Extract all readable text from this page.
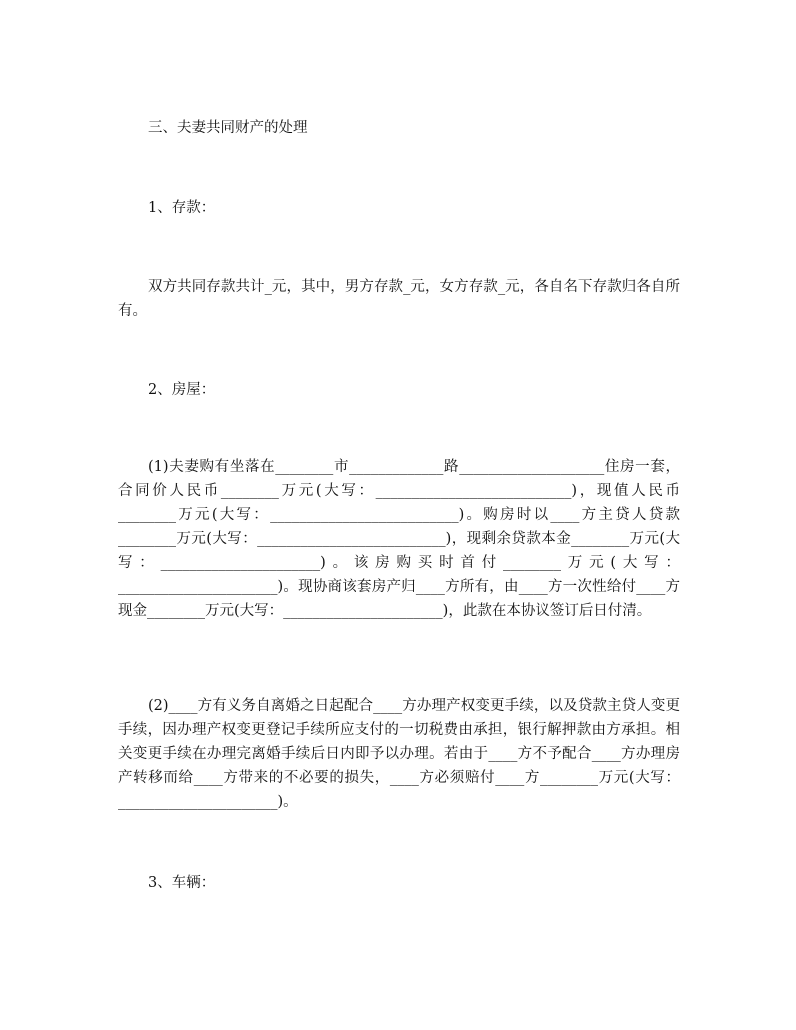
三、夫妻共同财产的处理

1、存款：

双方共同存款共计_元，其中，男方存款_元，女方存款_元，各自名下存款归各自所有。

2、房屋：

(1)夫妻购有坐落在________市_____________路____________________住房一套，合同价人民币________万元(大写：___________________________)，现值人民币________万元(大写：__________________________)。购房时以____方主贷人贷款________万元(大写：__________________________)，现剩余贷款本金________万元(大写：______________________)。该房购买时首付________万元(大写：______________________)。现协商该套房产归____方所有，由____方一次性给付____方现金________万元(大写：______________________)，此款在本协议签订后日付清。

(2)____方有义务自离婚之日起配合____方办理产权变更手续，以及贷款主贷人变更手续，因办理产权变更登记手续所应支付的一切税费由承担，银行解押款由方承担。相关变更手续在办理完离婚手续后日内即予以办理。若由于____方不予配合____方办理房产转移而给____方带来的不必要的损失，____方必须赔付____方________万元(大写：______________________)。

3、车辆：
